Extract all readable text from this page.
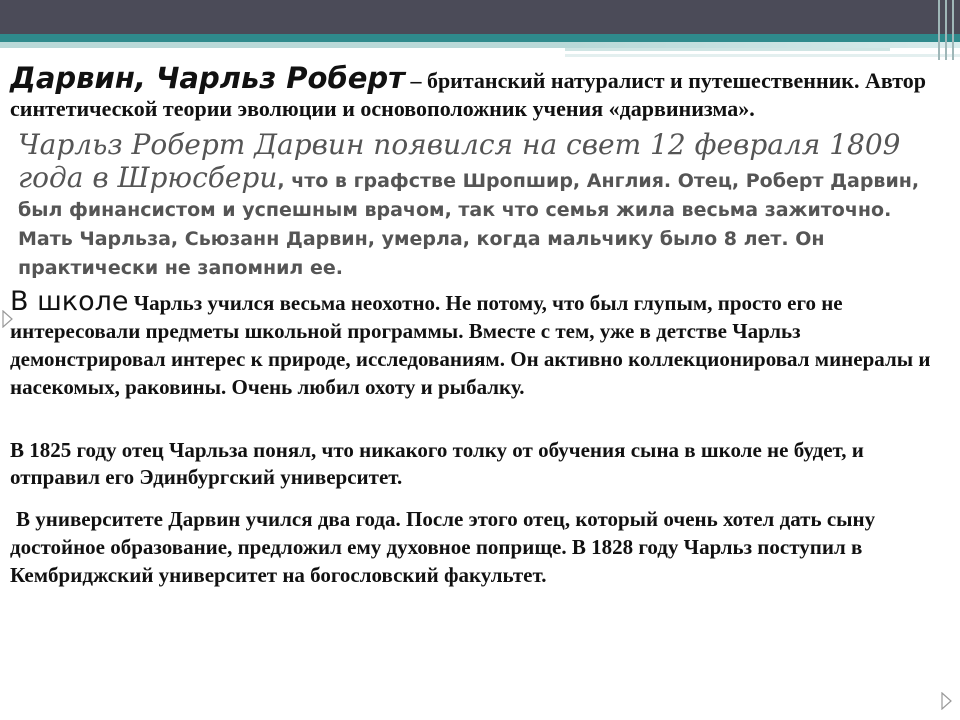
Дарвин, Чарльз Роберт – британский натуралист и путешественник. Автор синтетической теории эволюции и основоположник учения «дарвинизма».

Чарльз Роберт Дарвин появился на свет 12 февраля 1809 года в Шрюсбери, что в графстве Шропшир, Англия. Отец, Роберт Дарвин, был финансистом и успешным врачом, так что семья жила весьма зажиточно. Мать Чарльза, Сьюзанн Дарвин, умерла, когда мальчику было 8 лет. Он практически не запомнил ее.

В школе Чарльз учился весьма неохотно. Не потому, что был глупым, просто его не интересовали предметы школьной программы. Вместе с тем, уже в детстве Чарльз демонстрировал интерес к природе, исследованиям. Он активно коллекционировал минералы и насекомых, раковины. Очень любил охоту и рыбалку.

В 1825 году отец Чарльза понял, что никакого толку от обучения сына в школе не будет, и отправил его Эдинбургский университет.

В университете Дарвин учился два года. После этого отец, который очень хотел дать сыну достойное образование, предложил ему духовное поприще. В 1828 году Чарльз поступил в Кембриджский университет на богословский факультет.
